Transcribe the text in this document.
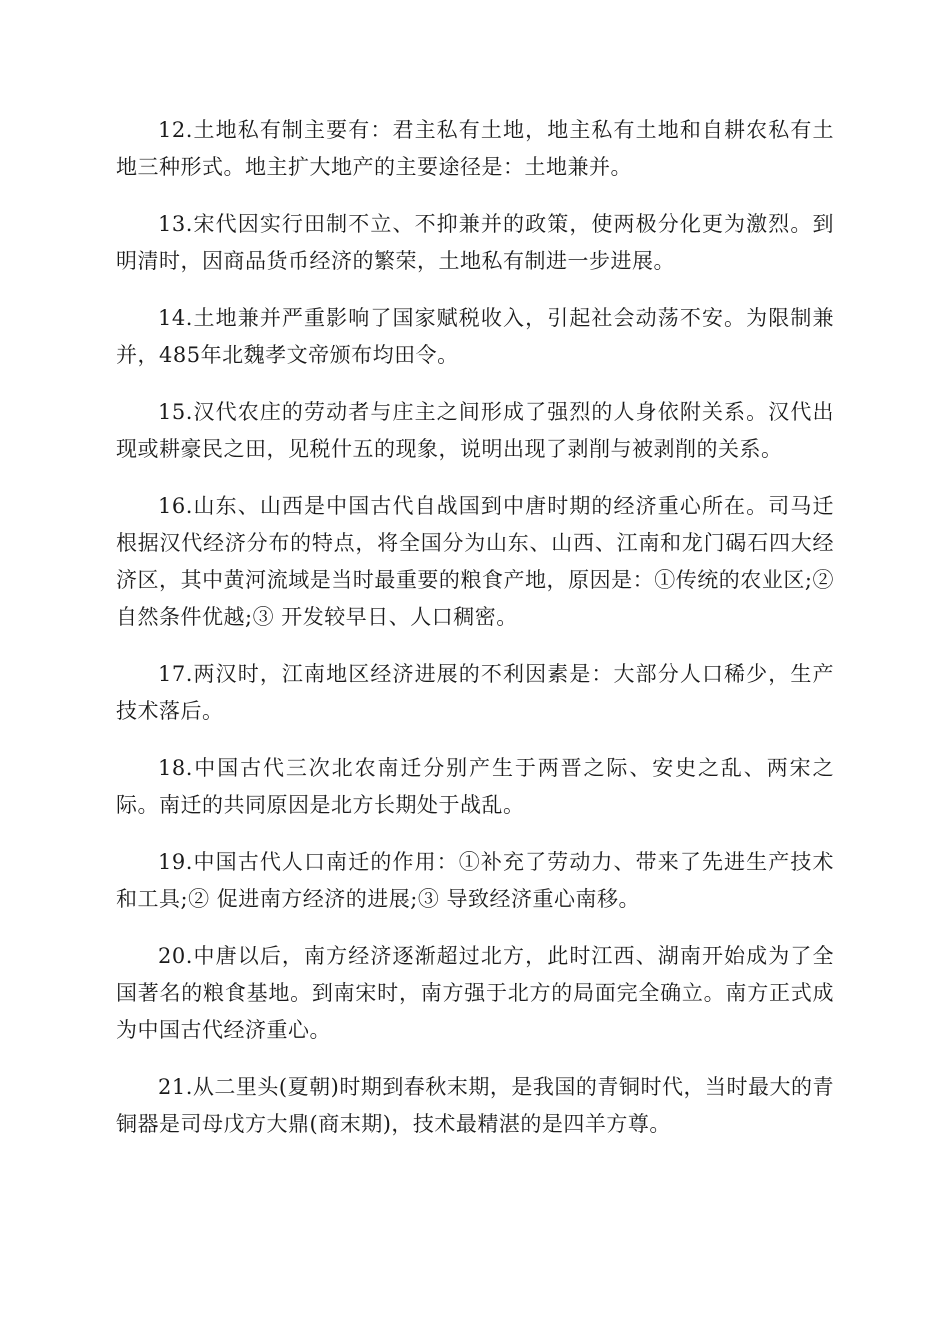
12.土地私有制主要有：君主私有土地，地主私有土地和自耕农私有土地三种形式。地主扩大地产的主要途径是：土地兼并。

13.宋代因实行田制不立、不抑兼并的政策，使两极分化更为激烈。到明清时，因商品货币经济的繁荣，土地私有制进一步进展。

14.土地兼并严重影响了国家赋税收入，引起社会动荡不安。为限制兼并，485年北魏孝文帝颁布均田令。

15.汉代农庄的劳动者与庄主之间形成了强烈的人身依附关系。汉代出现或耕豪民之田，见税什五的现象，说明出现了剥削与被剥削的关系。

16.山东、山西是中国古代自战国到中唐时期的经济重心所在。司马迁根据汉代经济分布的特点，将全国分为山东、山西、江南和龙门碣石四大经济区，其中黄河流域是当时最重要的粮食产地，原因是：①传统的农业区;② 自然条件优越;③ 开发较早日、人口稠密。

17.两汉时，江南地区经济进展的不利因素是：大部分人口稀少，生产技术落后。

18.中国古代三次北农南迁分别产生于两晋之际、安史之乱、两宋之际。南迁的共同原因是北方长期处于战乱。

19.中国古代人口南迁的作用：①补充了劳动力、带来了先进生产技术和工具;② 促进南方经济的进展;③ 导致经济重心南移。

20.中唐以后，南方经济逐渐超过北方，此时江西、湖南开始成为了全国著名的粮食基地。到南宋时，南方强于北方的局面完全确立。南方正式成为中国古代经济重心。

21.从二里头(夏朝)时期到春秋末期，是我国的青铜时代，当时最大的青铜器是司母戊方大鼎(商末期)，技术最精湛的是四羊方尊。
